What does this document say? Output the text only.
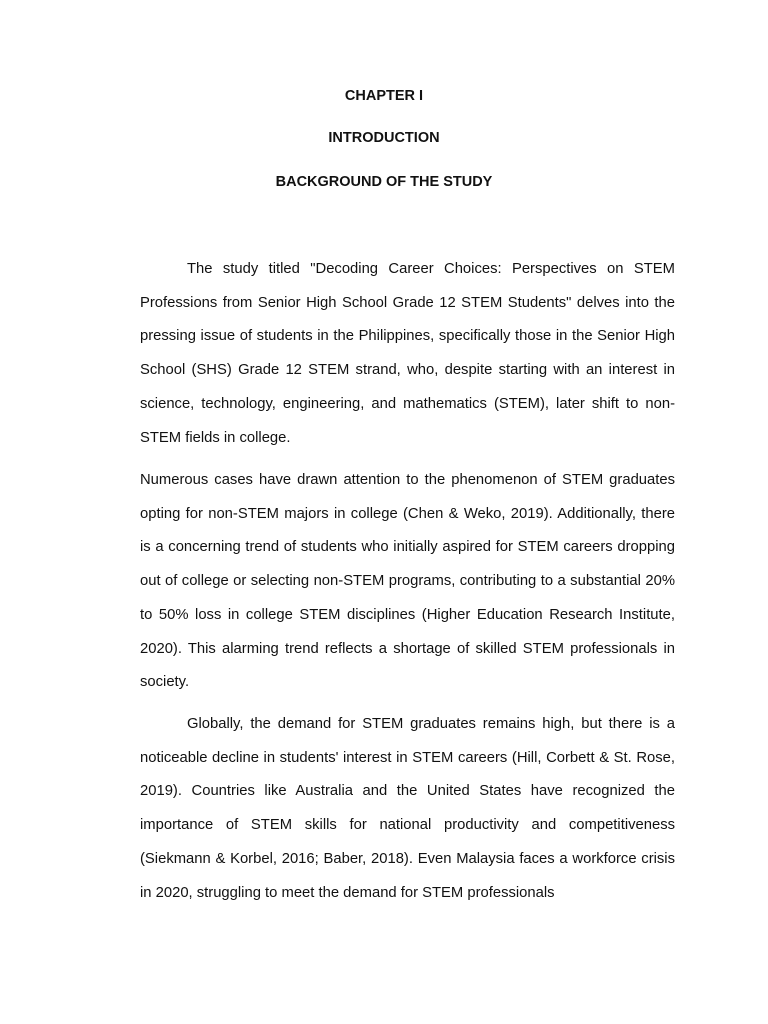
CHAPTER I
INTRODUCTION
BACKGROUND OF THE STUDY

The study titled "Decoding Career Choices: Perspectives on STEM Professions from Senior High School Grade 12 STEM Students" delves into the pressing issue of students in the Philippines, specifically those in the Senior High School (SHS) Grade 12 STEM strand, who, despite starting with an interest in science, technology, engineering, and mathematics (STEM), later shift to non-STEM fields in college.

Numerous cases have drawn attention to the phenomenon of STEM graduates opting for non-STEM majors in college (Chen & Weko, 2019). Additionally, there is a concerning trend of students who initially aspired for STEM careers dropping out of college or selecting non-STEM programs, contributing to a substantial 20% to 50% loss in college STEM disciplines (Higher Education Research Institute, 2020). This alarming trend reflects a shortage of skilled STEM professionals in society.

Globally, the demand for STEM graduates remains high, but there is a noticeable decline in students' interest in STEM careers (Hill, Corbett & St. Rose, 2019). Countries like Australia and the United States have recognized the importance of STEM skills for national productivity and competitiveness (Siekmann & Korbel, 2016; Baber, 2018). Even Malaysia faces a workforce crisis in 2020, struggling to meet the demand for STEM professionals
